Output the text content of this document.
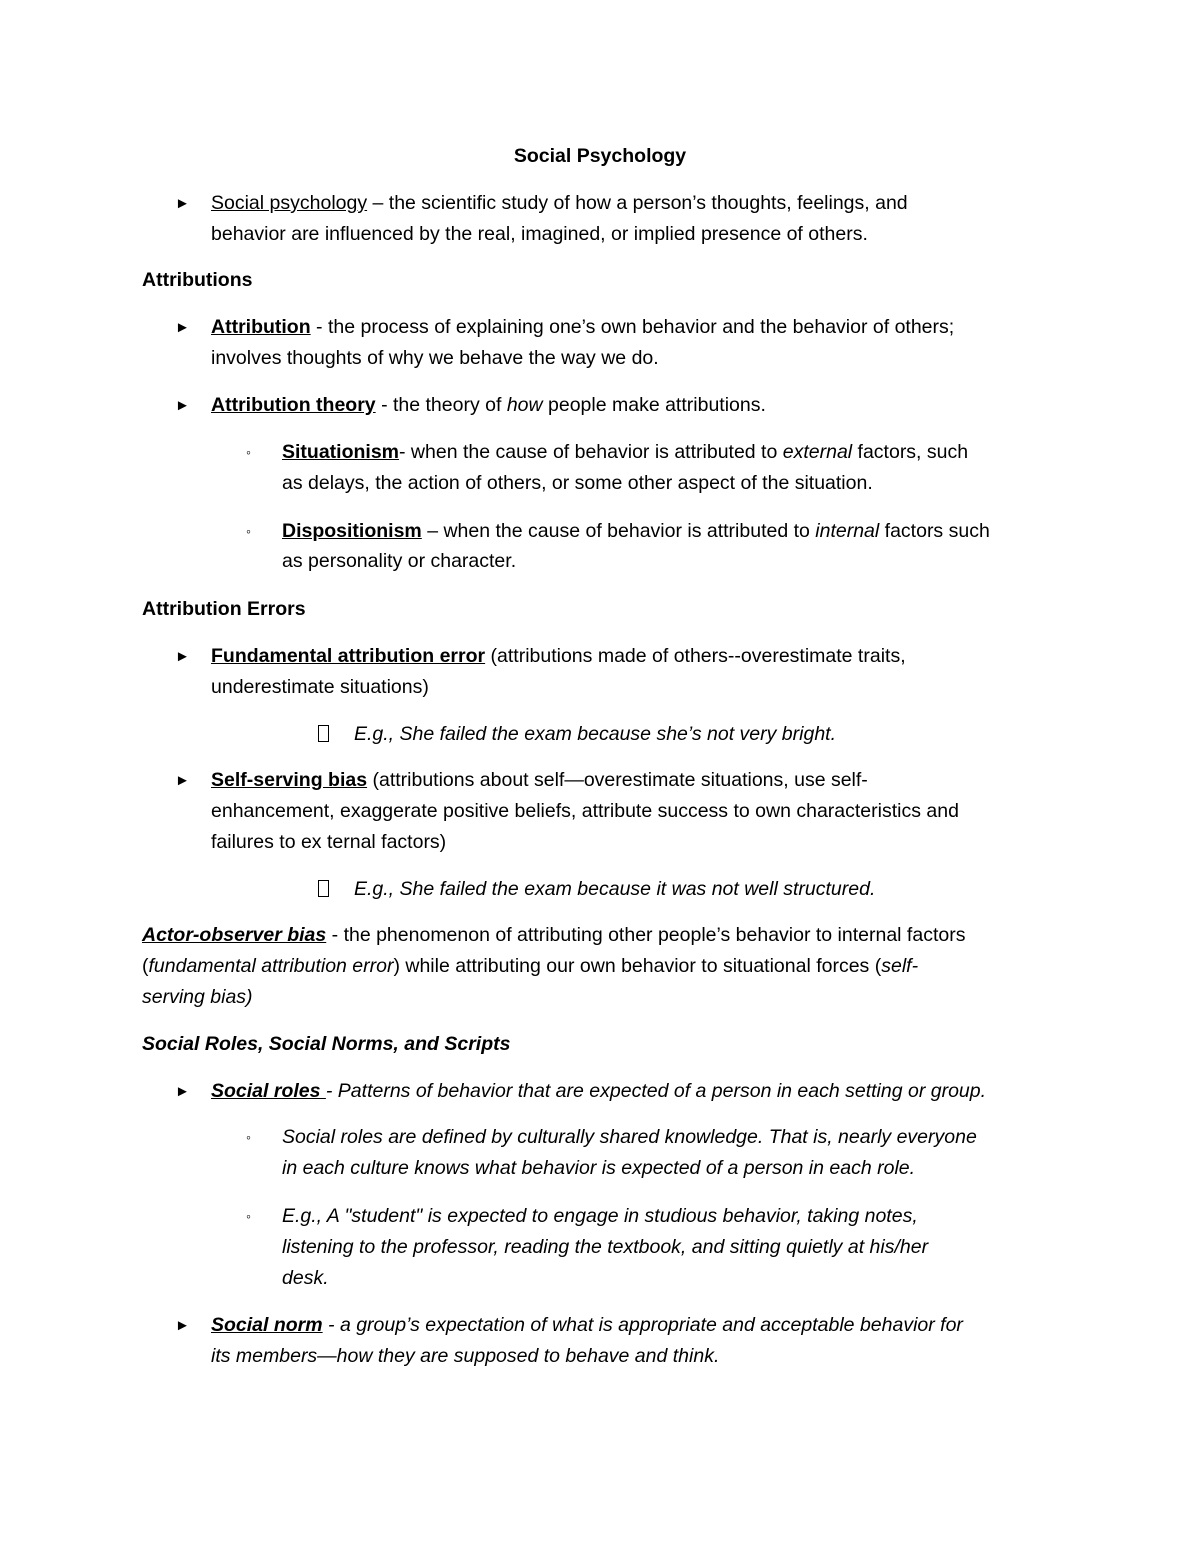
Social Psychology
► Social psychology – the scientific study of how a person’s thoughts, feelings, and
behavior are influenced by the real, imagined, or implied presence of others.
Attributions
► Attribution - the process of explaining one’s own behavior and the behavior of others;
involves thoughts of why we behave the way we do.
► Attribution theory - the theory of how people make attributions.
◦ Situationism- when the cause of behavior is attributed to external factors, such
as delays, the action of others, or some other aspect of the situation.
◦ Dispositionism – when the cause of behavior is attributed to internal factors such
as personality or character.
Attribution Errors
► Fundamental attribution error (attributions made of others--overestimate traits,
underestimate situations)
E.g., She failed the exam because she’s not very bright.
► Self-serving bias (attributions about self—overestimate situations, use self-
enhancement, exaggerate positive beliefs, attribute success to own characteristics and
failures to ex ternal factors)
E.g., She failed the exam because it was not well structured.
Actor-observer bias - the phenomenon of attributing other people’s behavior to internal factors
(fundamental attribution error) while attributing our own behavior to situational forces (self-
serving bias)
Social Roles, Social Norms, and Scripts
► Social roles - Patterns of behavior that are expected of a person in each setting or group.
◦ Social roles are defined by culturally shared knowledge. That is, nearly everyone
in each culture knows what behavior is expected of a person in each role.
◦ E.g., A "student" is expected to engage in studious behavior, taking notes,
listening to the professor, reading the textbook, and sitting quietly at his/her
desk.
► Social norm - a group’s expectation of what is appropriate and acceptable behavior for
its members—how they are supposed to behave and think.
